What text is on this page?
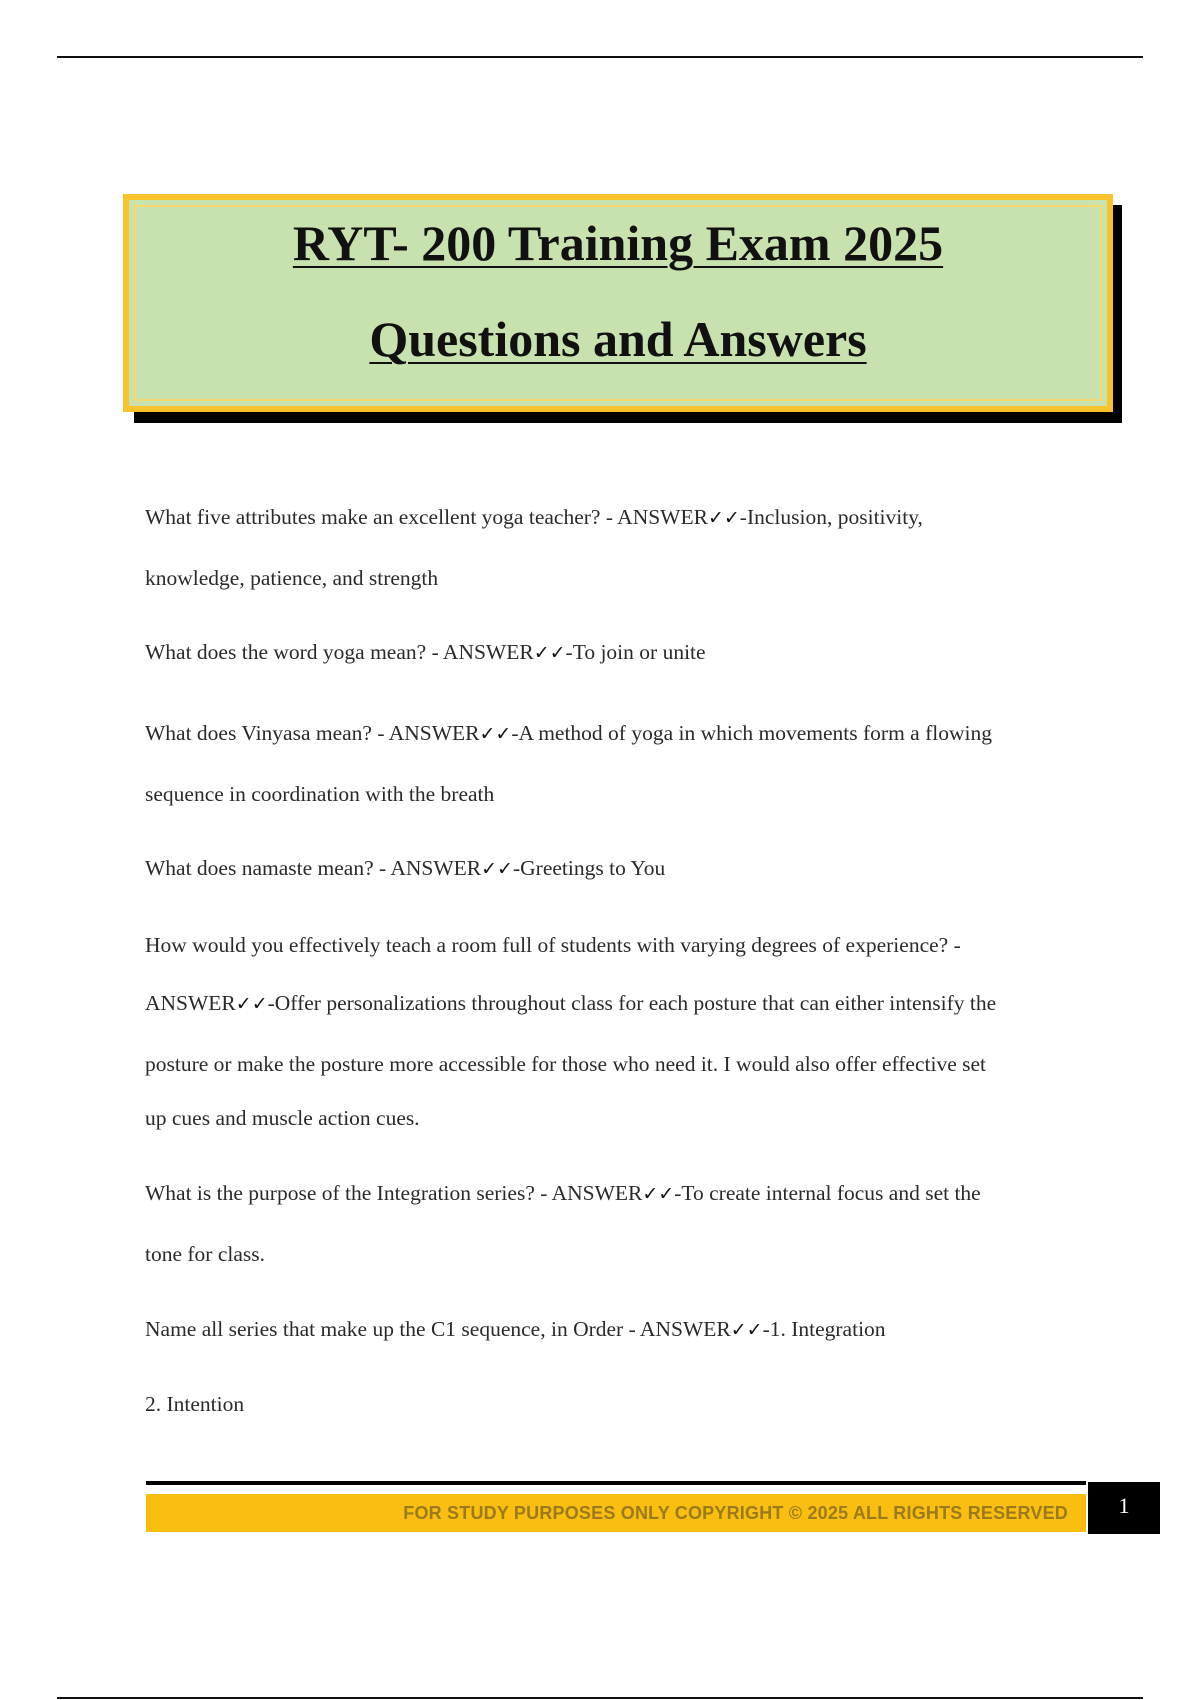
RYT- 200 Training Exam 2025
Questions and Answers
What five attributes make an excellent yoga teacher? - ANSWER✓✓-Inclusion, positivity,
knowledge, patience, and strength
What does the word yoga mean? - ANSWER✓✓-To join or unite
What does Vinyasa mean? - ANSWER✓✓-A method of yoga in which movements form a flowing
sequence in coordination with the breath
What does namaste mean? - ANSWER✓✓-Greetings to You
How would you effectively teach a room full of students with varying degrees of experience? -
ANSWER✓✓-Offer personalizations throughout class for each posture that can either intensify the
posture or make the posture more accessible for those who need it. I would also offer effective set
up cues and muscle action cues.
What is the purpose of the Integration series? - ANSWER✓✓-To create internal focus and set the
tone for class.
Name all series that make up the C1 sequence, in Order - ANSWER✓✓-1. Integration
2. Intention
FOR STUDY PURPOSES ONLY COPYRIGHT © 2025 ALL RIGHTS RESERVED	1
